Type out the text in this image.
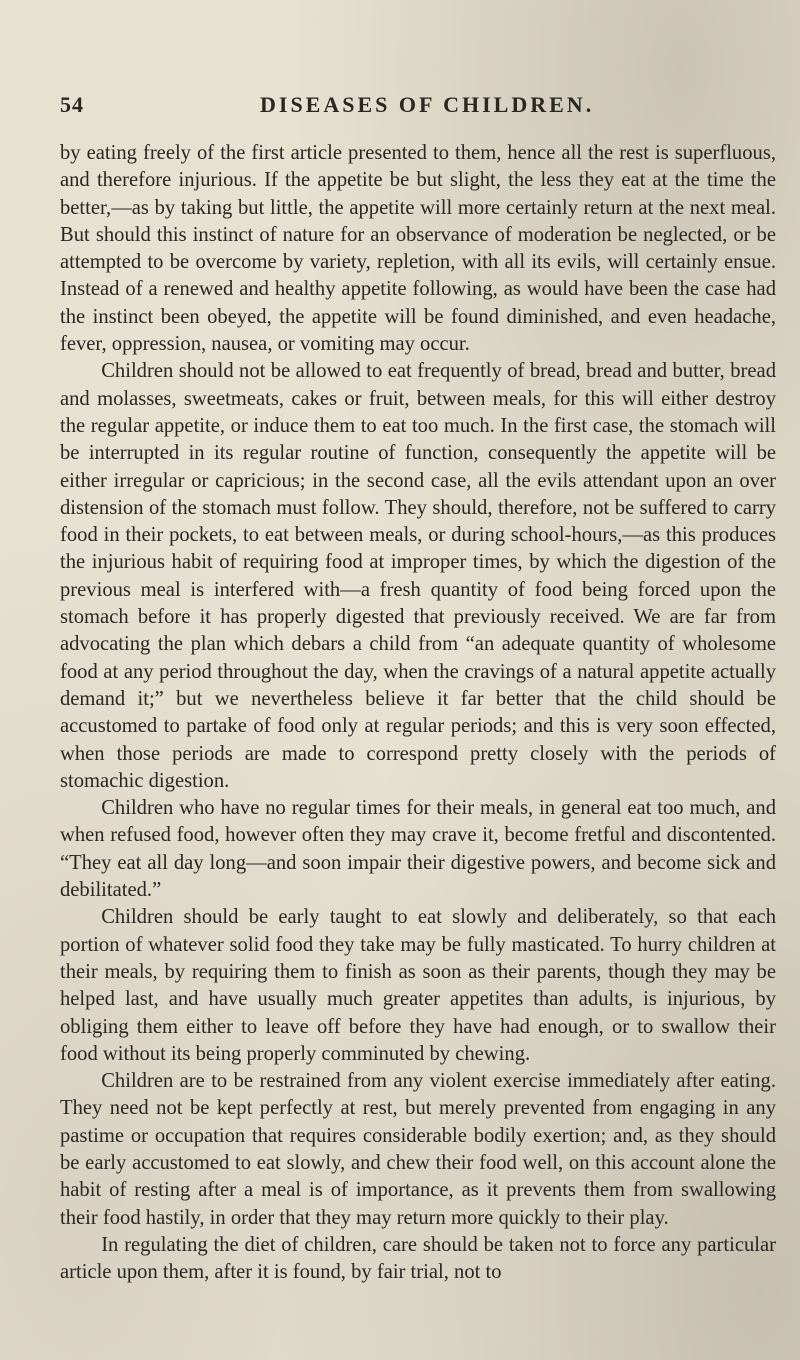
54	DISEASES OF CHILDREN.

by eating freely of the first article presented to them, hence all the rest is superfluous, and therefore injurious. If the appetite be but slight, the less they eat at the time the better,—as by taking but little, the appetite will more certainly return at the next meal. But should this instinct of nature for an observance of moderation be neglected, or be attempted to be overcome by variety, repletion, with all its evils, will certainly ensue. Instead of a renewed and healthy appetite following, as would have been the case had the instinct been obeyed, the appetite will be found diminished, and even headache, fever, oppression, nausea, or vomiting may occur.

Children should not be allowed to eat frequently of bread, bread and butter, bread and molasses, sweetmeats, cakes or fruit, between meals, for this will either destroy the regular appetite, or induce them to eat too much. In the first case, the stomach will be interrupted in its regular routine of function, consequently the appetite will be either irregular or capricious; in the second case, all the evils attendant upon an over distension of the stomach must follow. They should, therefore, not be suffered to carry food in their pockets, to eat between meals, or during school-hours,—as this produces the injurious habit of requiring food at improper times, by which the digestion of the previous meal is interfered with—a fresh quantity of food being forced upon the stomach before it has properly digested that previously received. We are far from advocating the plan which debars a child from “an adequate quantity of wholesome food at any period throughout the day, when the cravings of a natural appetite actually demand it;” but we nevertheless believe it far better that the child should be accustomed to partake of food only at regular periods; and this is very soon effected, when those periods are made to correspond pretty closely with the periods of stomachic digestion.

Children who have no regular times for their meals, in general eat too much, and when refused food, however often they may crave it, become fretful and discontented. “They eat all day long—and soon impair their digestive powers, and become sick and debilitated.”

Children should be early taught to eat slowly and deliberately, so that each portion of whatever solid food they take may be fully masticated. To hurry children at their meals, by requiring them to finish as soon as their parents, though they may be helped last, and have usually much greater appetites than adults, is injurious, by obliging them either to leave off before they have had enough, or to swallow their food without its being properly comminuted by chewing.

Children are to be restrained from any violent exercise immediately after eating. They need not be kept perfectly at rest, but merely prevented from engaging in any pastime or occupation that requires considerable bodily exertion; and, as they should be early accustomed to eat slowly, and chew their food well, on this account alone the habit of resting after a meal is of importance, as it prevents them from swallowing their food hastily, in order that they may return more quickly to their play.

In regulating the diet of children, care should be taken not to force any particular article upon them, after it is found, by fair trial, not to
